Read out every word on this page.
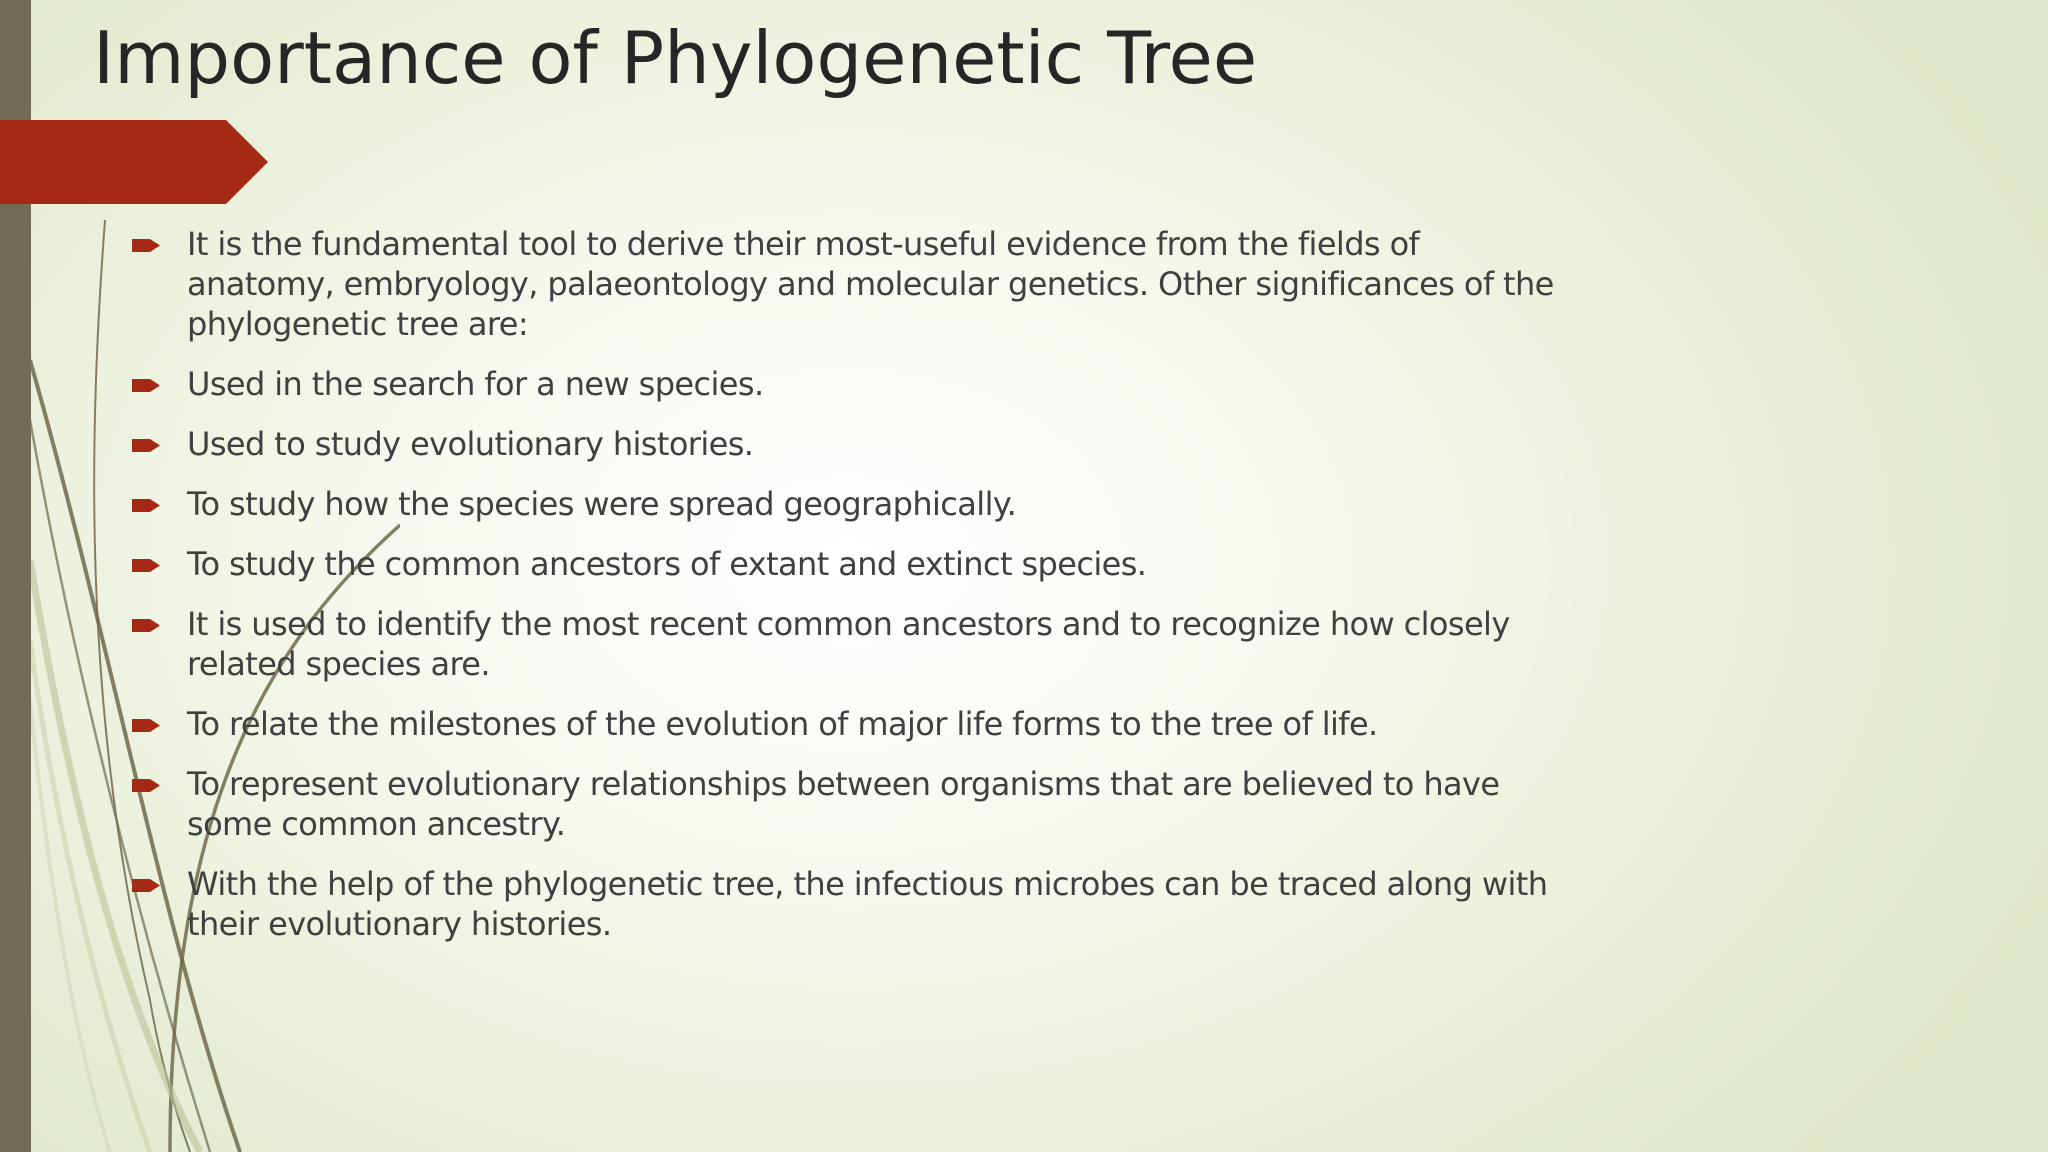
Importance of Phylogenetic Tree
It is the fundamental tool to derive their most-useful evidence from the fields of anatomy, embryology, palaeontology and molecular genetics. Other significances of the phylogenetic tree are:
Used in the search for a new species.
Used to study evolutionary histories.
To study how the species were spread geographically.
To study the common ancestors of extant and extinct species.
It is used to identify the most recent common ancestors and to recognize how closely related species are.
To relate the milestones of the evolution of major life forms to the tree of life.
To represent evolutionary relationships between organisms that are believed to have some common ancestry.
With the help of the phylogenetic tree, the infectious microbes can be traced along with their evolutionary histories.
